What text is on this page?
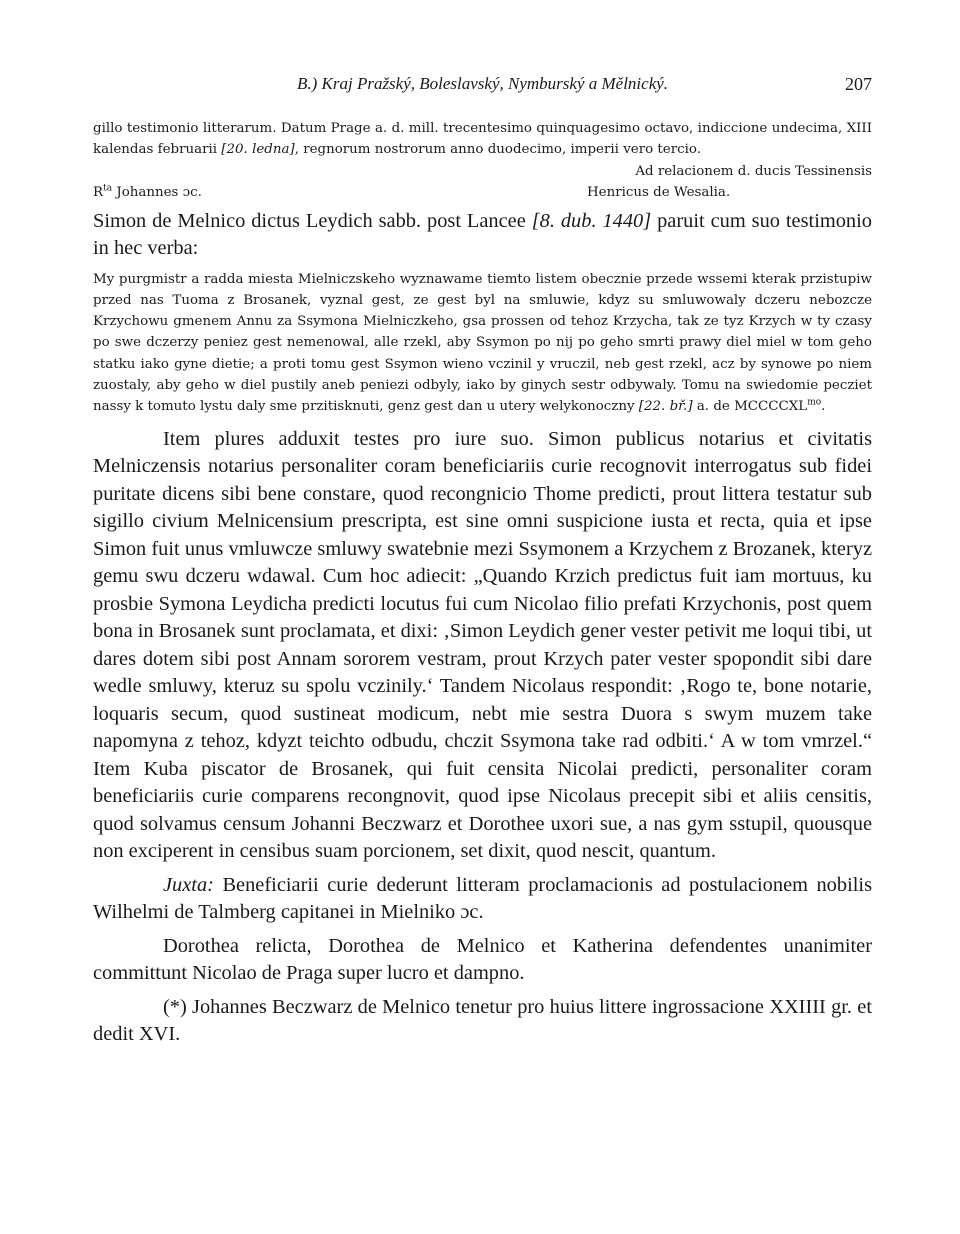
B.) Kraj Pražský, Boleslavský, Nymburský a Mělnický.	207

gillo testimonio litterarum. Datum Prage a. d. mill. trecentesimo quinquagesimo octavo, indiccione undecima, XIII kalendas februarii [20. ledna], regnorum nostrorum anno duodecimo, imperii vero tercio.

Ad relacionem d. ducis Tessinensis
$R^{ta}$ Johannes ɔc.	Henricus de Wesalia.

Simon de Melnico dictus Leydich sabb. post Lancee [8. dub. 1440] paruit cum suo testimonio in hec verba:

My purgmistr a radda miesta Mielniczskeho wyznawame tiemto listem obecznie przede wssemi kterak przistupiw przed nas Tuoma z Brosanek, vyznal gest, ze gest byl na smluwie, kdyz su smluwowaly dczeru nebozcze Krzychowu gmenem Annu za Ssymona Mielniczkeho, gsa prossen od tehoz Krzycha, tak ze tyz Krzych w ty czasy po swe dczerzy peniez gest nemenowal, alle rzekl, aby Ssymon po nij po geho smrti prawy diel miel w tom geho statku iako gyne dietie; a proti tomu gest Ssymon wieno vczinil y vruczil, neb gest rzekl, acz by synowe po niem zuostaly, aby geho w diel pustily aneb peniezi odbyly, iako by ginych sestr odbywaly. Tomu na swiedomie pecziet nassy k tomuto lystu daly sme przitisknuti, genz gest dan u utery welykonoczny [22. bř.] a. de $MCCCCXL^{mo}$.

Item plures adduxit testes pro iure suo. Simon publicus notarius et civitatis Melniczensis notarius personaliter coram beneficiariis curie recognovit interrogatus sub fidei puritate dicens sibi bene constare, quod recongnicio Thome predicti, prout littera testatur sub sigillo civium Melnicensium prescripta, est sine omni suspicione iusta et recta, quia et ipse Simon fuit unus vmluwcze smluwy swatebnie mezi Ssymonem a Krzychem z Brozanek, kteryz gemu swu dczeru wdawal. Cum hoc adiecit: „Quando Krzich predictus fuit iam mortuus, ku prosbie Symona Leydicha predicti locutus fui cum Nicolao filio prefati Krzychonis, post quem bona in Brosanek sunt proclamata, et dixi: ‚Simon Leydich gener vester petivit me loqui tibi, ut dares dotem sibi post Annam sororem vestram, prout Krzych pater vester spopondit sibi dare wedle smluwy, kteruz su spolu vczinily.‘ Tandem Nicolaus respondit: ‚Rogo te, bone notarie, loquaris secum, quod sustineat modicum, nebt mie sestra Duora s swym muzem take napomyna z tehoz, kdyzt teichto odbudu, chczit Ssymona take rad odbiti.‘ A w tom vmrzel.“ Item Kuba piscator de Brosanek, qui fuit censita Nicolai predicti, personaliter coram beneficiariis curie comparens recongnovit, quod ipse Nicolaus precepit sibi et aliis censitis, quod solvamus censum Johanni Beczwarz et Dorothee uxori sue, a nas gym sstupil, quousque non exciperent in censibus suam porcionem, set dixit, quod nescit, quantum.

Juxta: Beneficiarii curie dederunt litteram proclamacionis ad postulacionem nobilis Wilhelmi de Talmberg capitanei in Mielniko ɔc.

Dorothea relicta, Dorothea de Melnico et Katherina defendentes unanimiter committunt Nicolao de Praga super lucro et dampno.

(*) Johannes Beczwarz de Melnico tenetur pro huius littere ingrossacione XXIIII gr. et dedit XVI.
